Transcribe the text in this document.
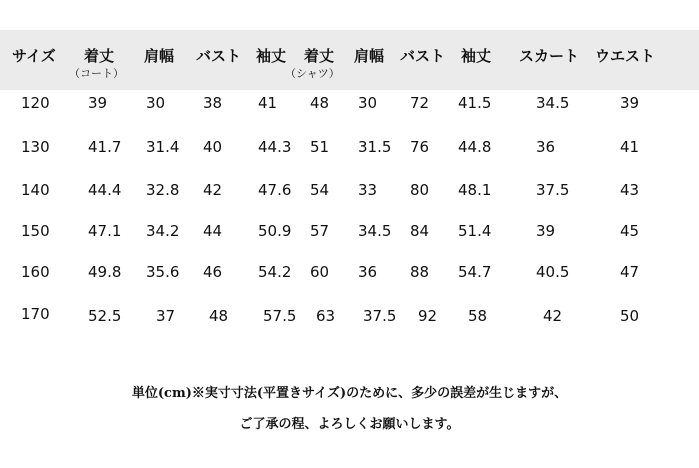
サイズ 着丈 肩幅 バスト 袖丈 着丈 肩幅 バスト 袖丈 スカート ウエスト
（コート）	（シャツ）
120	39	30	38 41 48 30 72 41.5	34.5	39
130	41.7 31.4 40 44.3 51 31.5 76 44.8	36	41
140	44.4 32.8 42 47.6 54 33 80 48.1	37.5	43
150	47.1 34.2 44 50.9 57 34.5 84 51.4	39	45
160	49.8 35.6 46 54.2 60 36 88 54.7	40.5	47
170	52.5 37 48 57.5 63 37.5 92 58	42	50
単位(cm)※実寸寸法(平置きサイズ)のために、多少の誤差が生じますが、
ご了承の程、よろしくお願いします。
